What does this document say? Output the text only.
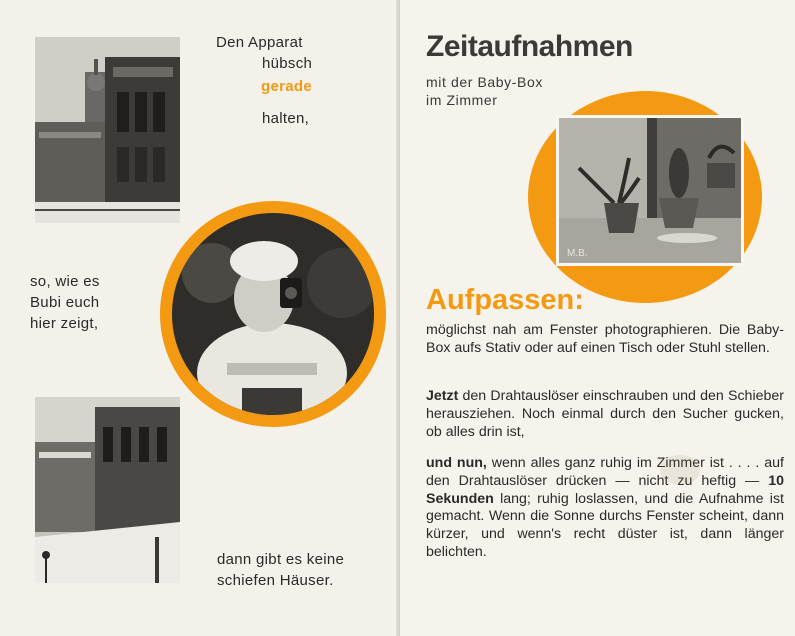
Den Apparat
hübsch
gerade
halten,
so, wie es
Bubi euch
hier zeigt,
dann gibt es keine
schiefen Häuser.
Zeitaufnahmen
mit der Baby-Box
im Zimmer
M.B.
Aufpassen:
möglichst nah am Fenster photographieren. Die Baby-Box aufs Stativ oder auf einen Tisch oder Stuhl stellen.
Jetzt den Drahtauslöser einschrauben und den Schieber herausziehen. Noch einmal durch den Sucher gucken, ob alles drin ist,
und nun, wenn alles ganz ruhig im Zimmer ist . . . . auf den Drahtauslöser drücken — nicht zu heftig — 10 Sekunden lang; ruhig loslassen, und die Aufnahme ist gemacht. Wenn die Sonne durchs Fenster scheint, dann kürzer, und wenn's recht düster ist, dann länger belichten.
